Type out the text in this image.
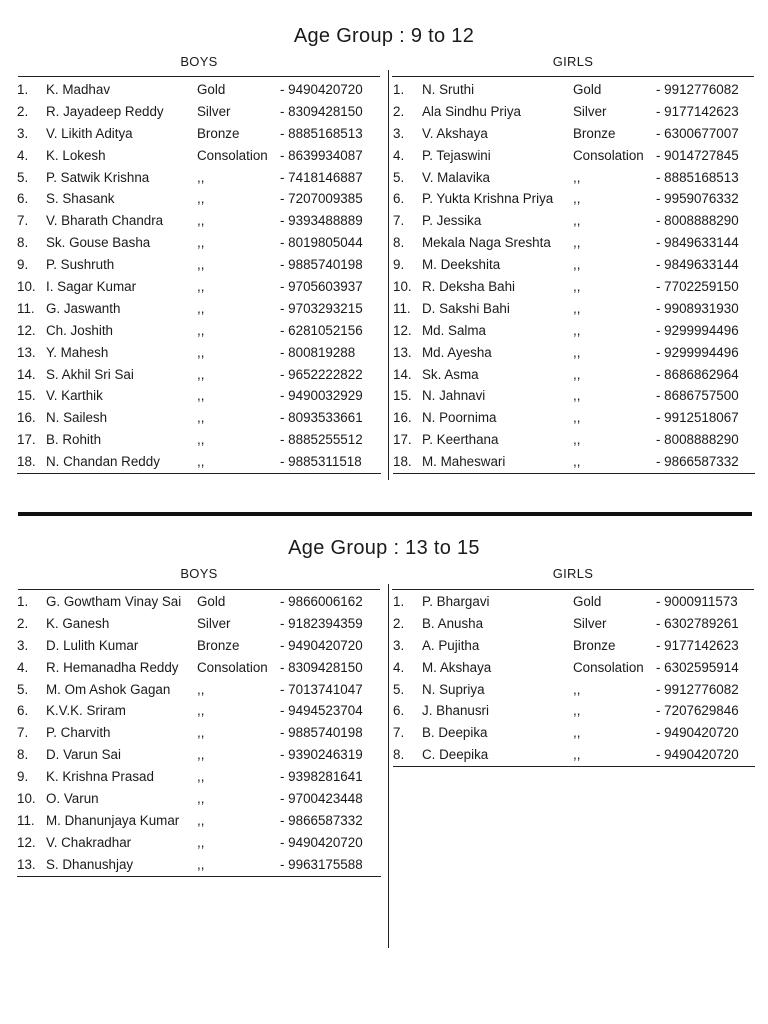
Age Group : 9 to 12
BOYS	GIRLS
1. K. Madhav	Gold	- 9490420720
2. R. Jayadeep Reddy Silver	- 8309428150
3. V. Likith Aditya	Bronze	- 8885168513
4. K. Lokesh	Consolation - 8639934087
5. P. Satwik Krishna	,,	- 7418146887
6. S. Shasank	,,	- 7207009385
7. V. Bharath Chandra	,,	- 9393488889
8. Sk. Gouse Basha	,,	- 8019805044
9. P. Sushruth	,,	- 9885740198
10. I. Sagar Kumar	,,	- 9705603937
11. G. Jaswanth	,,	- 9703293215
12. Ch. Joshith	,,	- 6281052156
13. Y. Mahesh	,,	- 800819288
14. S. Akhil Sri Sai	,,	- 9652222822
15. V. Karthik	,,	- 9490032929
16. N. Sailesh	,,	- 8093533661
17. B. Rohith	,,	- 8885255512
18. N. Chandan Reddy	,,	- 9885311518
1. N. Sruthi	Gold	- 9912776082
2. Ala Sindhu Priya	Silver	- 9177142623
3. V. Akshaya	Bronze	- 6300677007
4. P. Tejaswini	Consolation - 9014727845
5. V. Malavika	,,	- 8885168513
6. P. Yukta Krishna Priya ,,	- 9959076332
7. P. Jessika	,,	- 8008888290
8. Mekala Naga Sreshta ,,	- 9849633144
9. M. Deekshita	,,	- 9849633144
10. R. Deksha Bahi	,,	- 7702259150
11. D. Sakshi Bahi	,,	- 9908931930
12. Md. Salma	,,	- 9299994496
13. Md. Ayesha	,,	- 9299994496
14. Sk. Asma	,,	- 8686862964
15. N. Jahnavi	,,	- 8686757500
16. N. Poornima	,,	- 9912518067
17. P. Keerthana	,,	- 8008888290
18. M. Maheswari	,,	- 9866587332
Age Group : 13 to 15
BOYS	GIRLS
1. G. Gowtham Vinay Sai Gold	- 9866006162
2. K. Ganesh	Silver	- 9182394359
3. D. Lulith Kumar	Bronze	- 9490420720
4. R. Hemanadha Reddy Consolation - 8309428150
5. M. Om Ashok Gagan ,,	- 7013741047
6. K.V.K. Sriram	,,	- 9494523704
7. P. Charvith	,,	- 9885740198
8. D. Varun Sai	,,	- 9390246319
9. K. Krishna Prasad	,,	- 9398281641
10. O. Varun	,,	- 9700423448
11. M. Dhanunjaya Kumar ,,	- 9866587332
12. V. Chakradhar	,,	- 9490420720
13. S. Dhanushjay	,,	- 9963175588
1. P. Bhargavi	Gold	- 9000911573
2. B. Anusha	Silver	- 6302789261
3. A. Pujitha	Bronze	- 9177142623
4. M. Akshaya	Consolation - 6302595914
5. N. Supriya	,,	- 9912776082
6. J. Bhanusri	,,	- 7207629846
7. B. Deepika	,,	- 9490420720
8. C. Deepika	,,	- 9490420720
